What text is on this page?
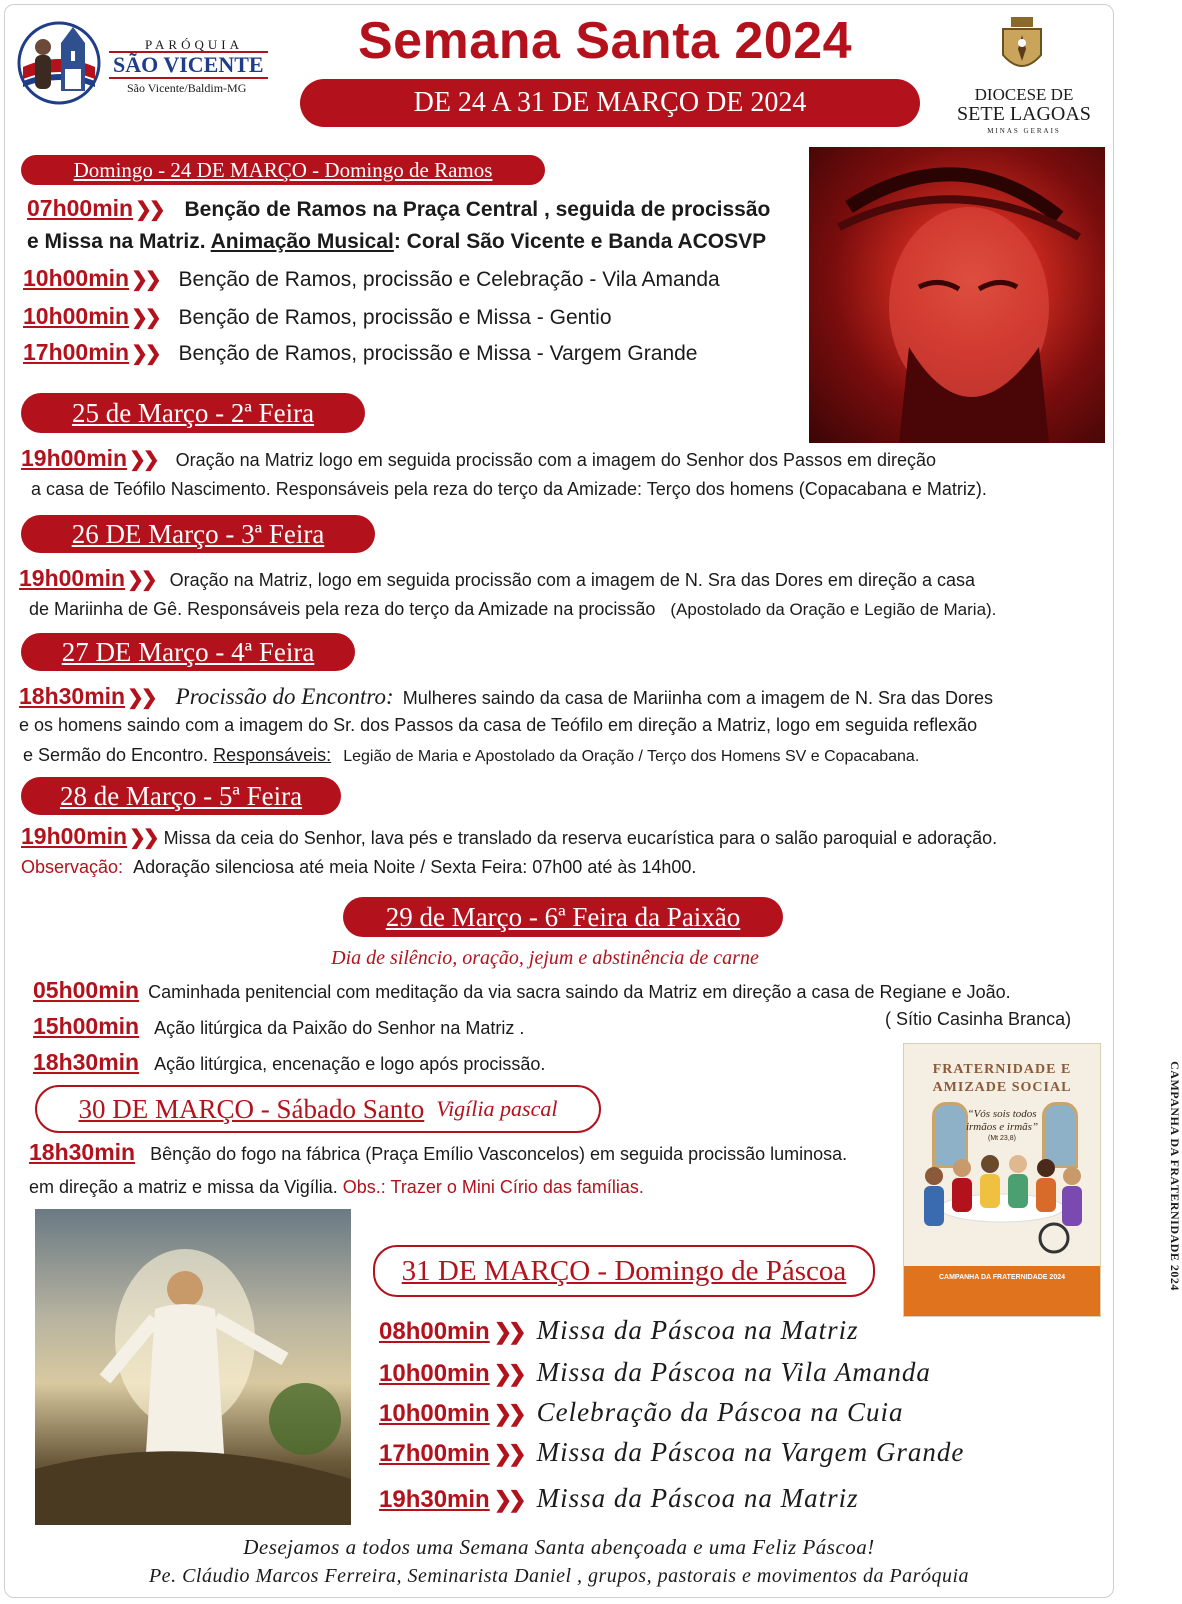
PARÓQUIA
SÃO VICENTE
São Vicente/Baldim-MG
Semana Santa 2024
DE 24 A 31 DE MARÇO DE 2024	DIOCESE DE
SETE LAGOAS
MINAS GERAIS
Domingo - 24 DE MARÇO - Domingo de Ramos
07h00min ❯❯ Benção de Ramos na Praça Central , seguida de procissão
e Missa na Matriz. Animação Musical: Coral São Vicente e Banda ACOSVP
10h00min ❯❯ Benção de Ramos, procissão e Celebração - Vila Amanda
10h00min ❯❯ Benção de Ramos, procissão e Missa - Gentio
17h00min ❯❯ Benção de Ramos, procissão e Missa - Vargem Grande
25 de Março - 2ª Feira
19h00min ❯❯ Oração na Matriz logo em seguida procissão com a imagem do Senhor dos Passos em direção
a casa de Teófilo Nascimento. Responsáveis pela reza do terço da Amizade: Terço dos homens (Copacabana e Matriz).
26 DE Março - 3ª Feira
19h00min ❯❯ Oração na Matriz, logo em seguida procissão com a imagem de N. Sra das Dores em direção a casa
de Mariinha de Gê. Responsáveis pela reza do terço da Amizade na procissão (Apostolado da Oração e Legião de Maria).
27 DE Março - 4ª Feira
18h30min ❯❯ Procissão do Encontro: Mulheres saindo da casa de Mariinha com a imagem de N. Sra das Dores
e os homens saindo com a imagem do Sr. dos Passos da casa de Teófilo em direção a Matriz, logo em seguida reflexão
e Sermão do Encontro. Responsáveis: Legião de Maria e Apostolado da Oração / Terço dos Homens SV e Copacabana.
28 de Março - 5ª Feira
19h00min ❯❯ Missa da ceia do Senhor, lava pés e translado da reserva eucarística para o salão paroquial e adoração.
Observação: Adoração silenciosa até meia Noite / Sexta Feira: 07h00 até às 14h00.
29 de Março - 6ª Feira da Paixão
Dia de silêncio, oração, jejum e abstinência de carne
05h00min Caminhada penitencial com meditação da via sacra saindo da Matriz em direção a casa de Regiane e João.
( Sítio Casinha Branca)
15h00min Ação litúrgica da Paixão do Senhor na Matriz .
18h30min Ação litúrgica, encenação e logo após procissão.	FRATERNIDADE E
AMIZADE SOCIAL
“Vós sois todos
irmãos e irmãs”
(Mt 23,8)
CAMPANHA DA FRATERNIDADE 2024	CAMPANHA DA FRATERNIDADE 2024
30 DE MARÇO - Sábado Santo Vigília pascal
18h30min Bênção do fogo na fábrica (Praça Emílio Vasconcelos) em seguida procissão luminosa.
em direção a matriz e missa da Vigília. Obs.: Trazer o Mini Círio das famílias.
31 DE MARÇO - Domingo de Páscoa
08h00min ❯❯ Missa da Páscoa na Matriz
10h00min ❯❯ Missa da Páscoa na Vila Amanda
10h00min ❯❯ Celebração da Páscoa na Cuia
17h00min ❯❯ Missa da Páscoa na Vargem Grande
19h30min ❯❯ Missa da Páscoa na Matriz
Desejamos a todos uma Semana Santa abençoada e uma Feliz Páscoa!
Pe. Cláudio Marcos Ferreira, Seminarista Daniel , grupos, pastorais e movimentos da Paróquia
